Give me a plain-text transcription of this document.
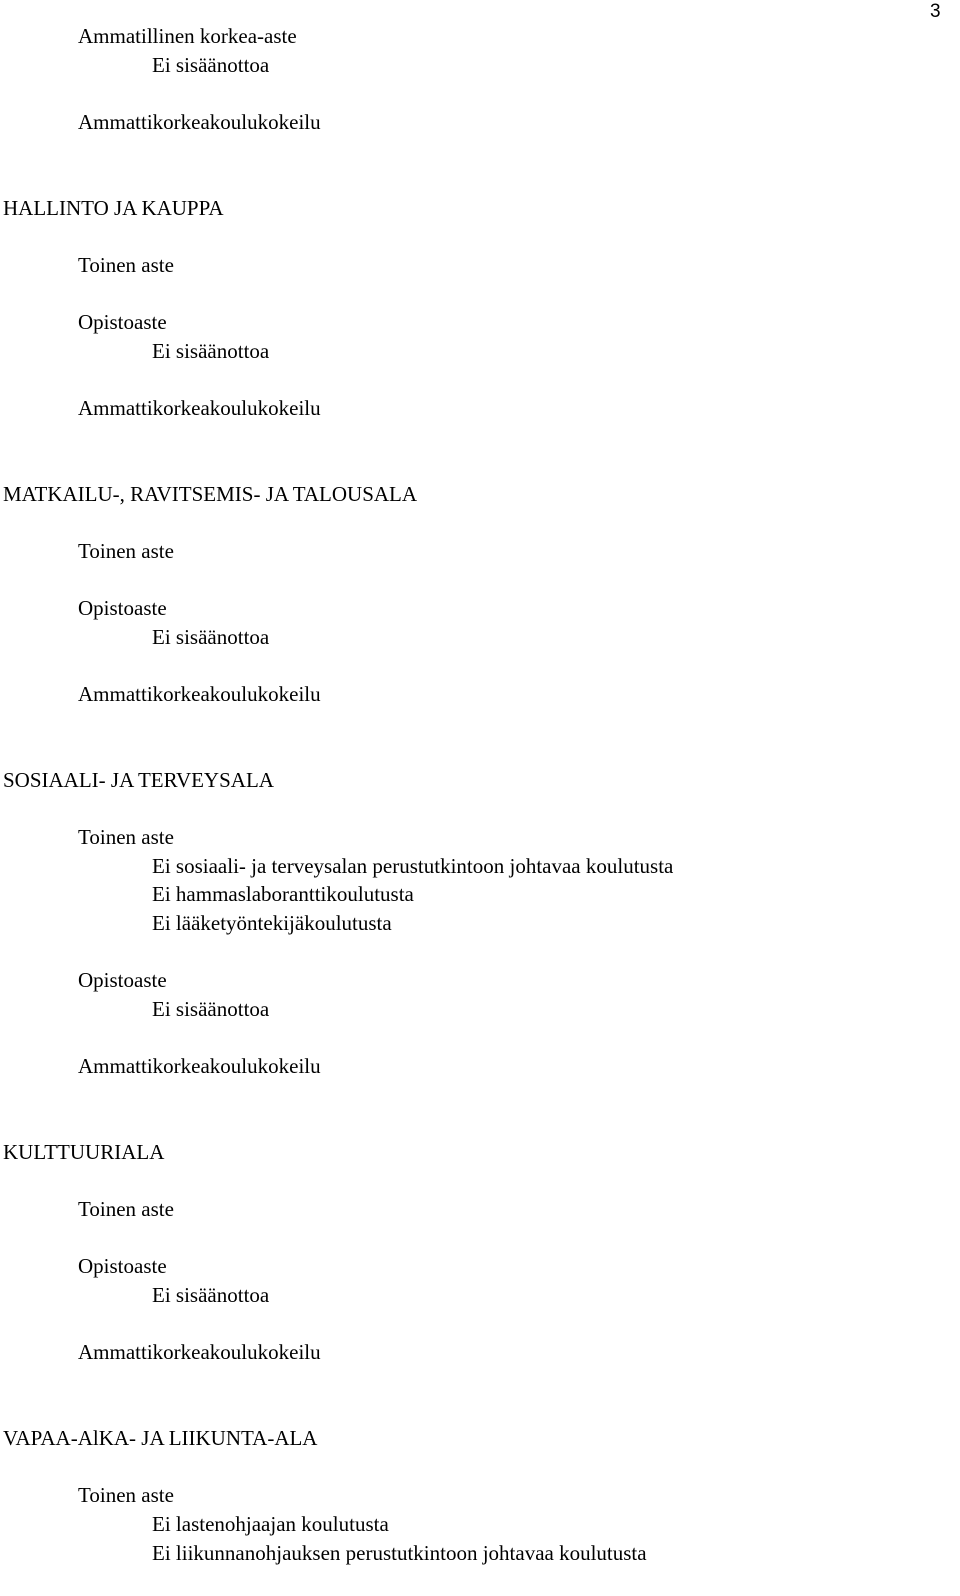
3
Ammatillinen korkea-aste
Ei sisäänottoa
Ammattikorkeakoulukokeilu
HALLINTO JA KAUPPA
Toinen aste
Opistoaste
Ei sisäänottoa
Ammattikorkeakoulukokeilu
MATKAILU-, RAVITSEMIS- JA TALOUSALA
Toinen aste
Opistoaste
Ei sisäänottoa
Ammattikorkeakoulukokeilu
SOSIAALI- JA TERVEYSALA
Toinen aste
Ei sosiaali- ja terveysalan perustutkintoon johtavaa koulutusta
Ei hammaslaboranttikoulutusta
Ei lääketyöntekijäkoulutusta
Opistoaste
Ei sisäänottoa
Ammattikorkeakoulukokeilu
KULTTUURIALA
Toinen aste
Opistoaste
Ei sisäänottoa
Ammattikorkeakoulukokeilu
VAPAA-AlKA- JA LIIKUNTA-ALA
Toinen aste
Ei lastenohjaajan koulutusta
Ei liikunnanohjauksen perustutkintoon johtavaa koulutusta
